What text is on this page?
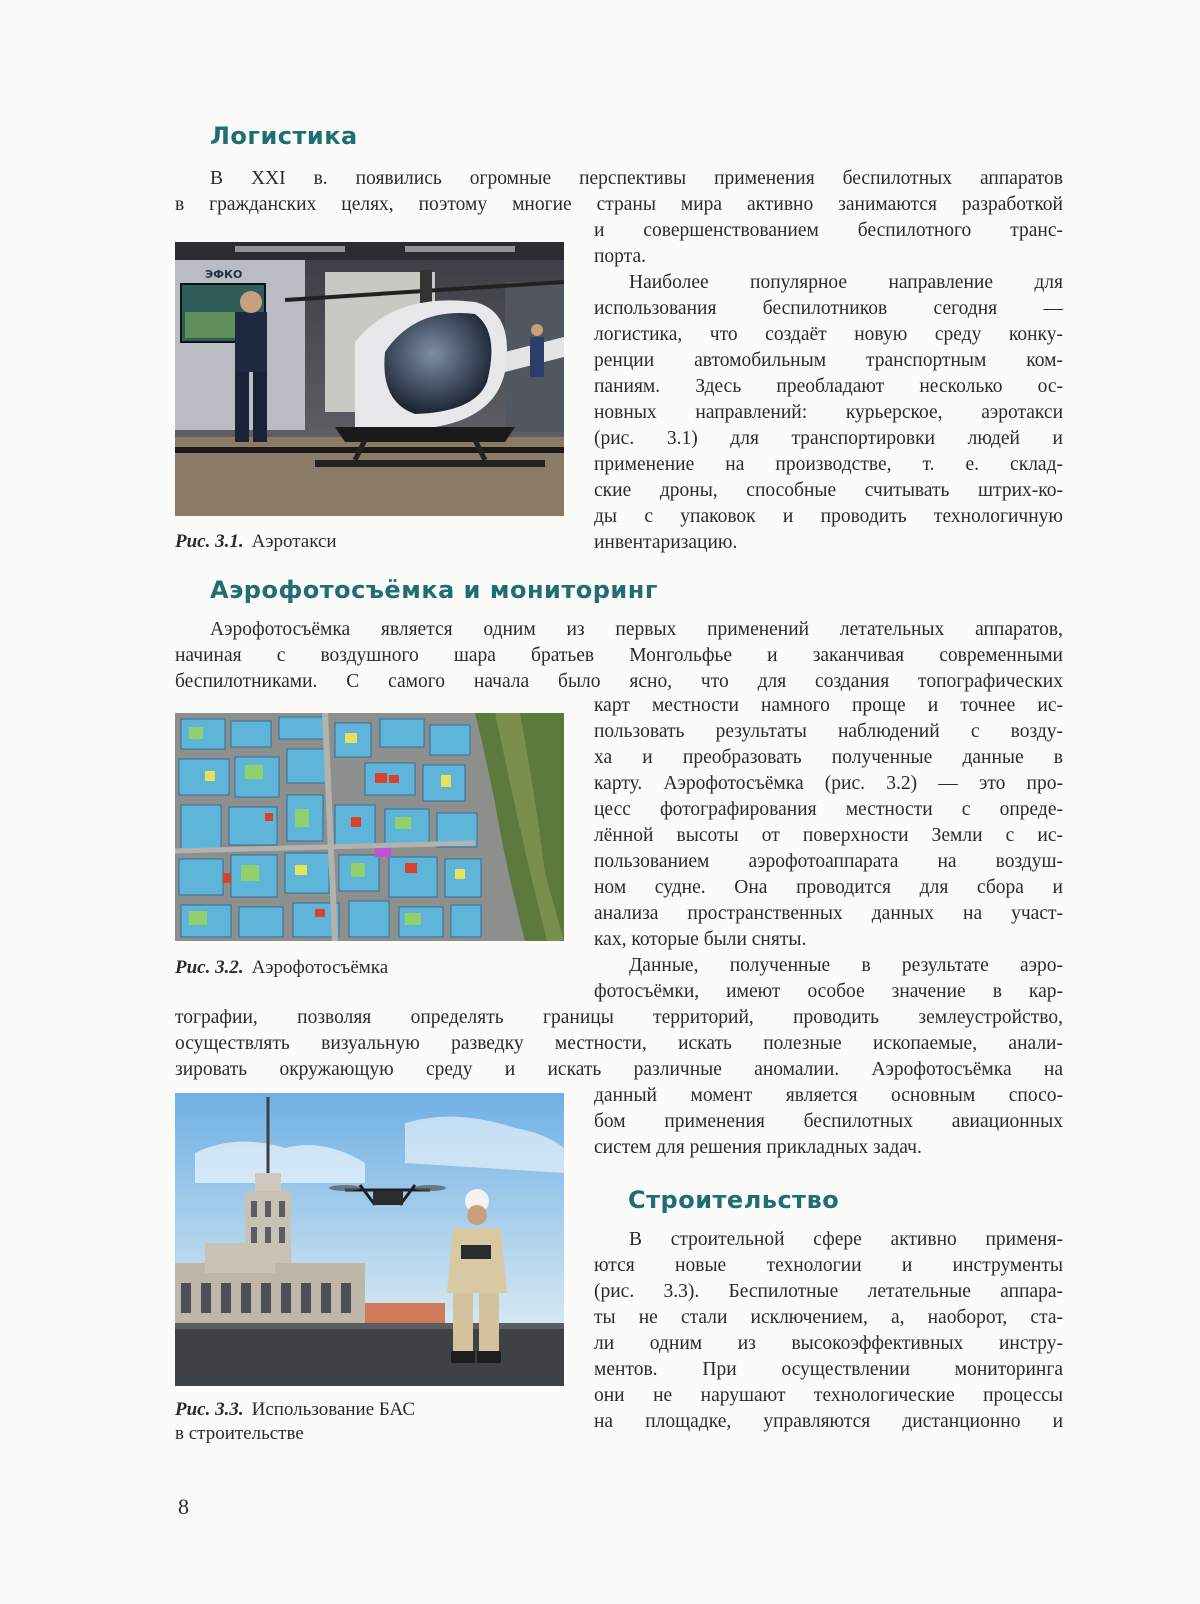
Логистика

В XXI в. появились огромные перспективы применения беспилотных аппаратов
в гражданских целях, поэтому многие страны мира активно занимаются разработкой

и совершенствованием беспилотного транс-
порта.
Наиболее популярное направление для
использования беспилотников сегодня —
логистика, что создаёт новую среду конку-
ренции автомобильным транспортным ком-
паниям. Здесь преобладают несколько ос-
новных направлений: курьерское, аэротакси
(рис. 3.1) для транспортировки людей и
применение на производстве, т. е. склад-
ские дроны, способные считывать штрих-ко-
ды с упаковок и проводить технологичную
инвентаризацию.

ЭФКО

Рис. 3.1. Аэротакси

Аэрофотосъёмка и мониторинг

Аэрофотосъёмка является одним из первых применений летательных аппаратов,
начиная с воздушного шара братьев Монгольфье и заканчивая современными
беспилотниками. С самого начала было ясно, что для создания топографических

карт местности намного проще и точнее ис-
пользовать результаты наблюдений с возду-
ха и преобразовать полученные данные в
карту. Аэрофотосъёмка (рис. 3.2) — это про-
цесс фотографирования местности с опреде-
лённой высоты от поверхности Земли с ис-
пользованием аэрофотоаппарата на воздуш-
ном судне. Она проводится для сбора и
анализа пространственных данных на участ-
ках, которые были сняты.
Данные, полученные в результате аэро-
фотосъёмки, имеют особое значение в кар-

тографии, позволяя определять границы территорий, проводить землеустройство,
осуществлять визуальную разведку местности, искать полезные ископаемые, анали-
зировать окружающую среду и искать различные аномалии. Аэрофотосъёмка на

данный момент является основным спосо-
бом применения беспилотных авиационных
систем для решения прикладных задач.

Рис. 3.2. Аэрофотосъёмка

Рис. 3.3. Использование БАС
в строительстве

Строительство

В строительной сфере активно применя-
ются новые технологии и инструменты
(рис. 3.3). Беспилотные летательные аппара-
ты не стали исключением, а, наоборот, ста-
ли одним из высокоэффективных инстру-
ментов. При осуществлении мониторинга
они не нарушают технологические процессы
на площадке, управляются дистанционно и

8
